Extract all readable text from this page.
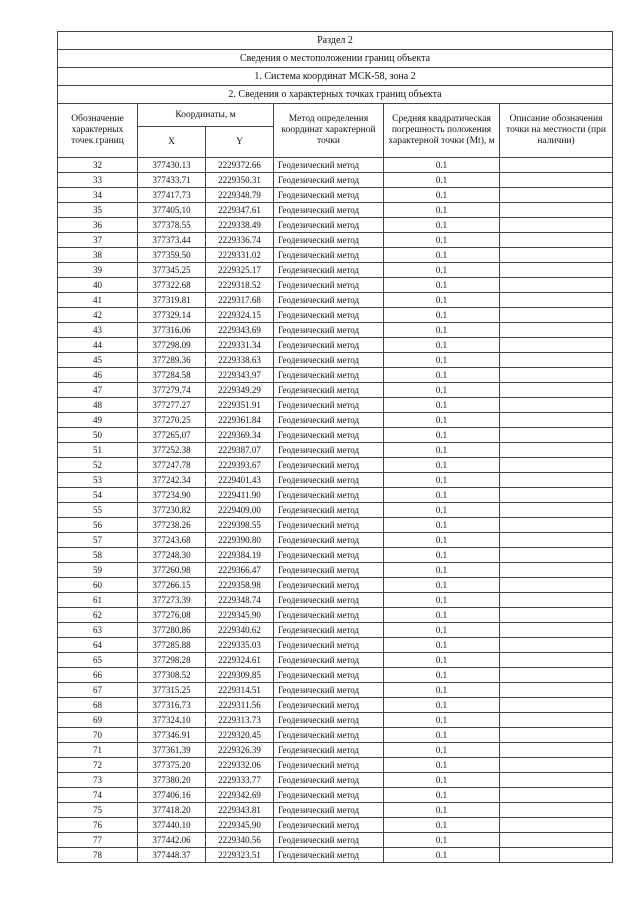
Раздел 2					
Сведения о местоположении границ объекта					
1. Система координат МСК-58, зона 2					
2. Сведения о характерных точках границ объекта					
Обозначение характерных точек границ	Координаты, м		Метод определения координат характерной точки	Средняя квадратическая погрешность положения характерной точки (Mt), м	Описание обозначения точки на местности (при наличии)
	X	Y			
32	377430.13	2229372.66	Геодезический метод	0.1	
33	377433.71	2229350.31	Геодезический метод	0.1	
34	377417.73	2229348.79	Геодезический метод	0.1	
35	377405.10	2229347.61	Геодезический метод	0.1	
36	377378.55	2229338.49	Геодезический метод	0.1	
37	377373.44	2229336.74	Геодезический метод	0.1	
38	377359.50	2229331.02	Геодезический метод	0.1	
39	377345.25	2229325.17	Геодезический метод	0.1	
40	377322.68	2229318.52	Геодезический метод	0.1	
41	377319.81	2229317.68	Геодезический метод	0.1	
42	377329.14	2229324.15	Геодезический метод	0.1	
43	377316.06	2229343.69	Геодезический метод	0.1	
44	377298.09	2229331.34	Геодезический метод	0.1	
45	377289.36	2229338.63	Геодезический метод	0.1	
46	377284.58	2229343.97	Геодезический метод	0.1	
47	377279.74	2229349.29	Геодезический метод	0.1	
48	377277.27	2229351.91	Геодезический метод	0.1	
49	377270.25	2229361.84	Геодезический метод	0.1	
50	377265.07	2229369.34	Геодезический метод	0.1	
51	377252.38	2229387.07	Геодезический метод	0.1	
52	377247.78	2229393.67	Геодезический метод	0.1	
53	377242.34	2229401.43	Геодезический метод	0.1	
54	377234.90	2229411.90	Геодезический метод	0.1	
55	377230.82	2229409.00	Геодезический метод	0.1	
56	377238.26	2229398.55	Геодезический метод	0.1	
57	377243.68	2229390.80	Геодезический метод	0.1	
58	377248.30	2229384.19	Геодезический метод	0.1	
59	377260.98	2229366.47	Геодезический метод	0.1	
60	377266.15	2229358.98	Геодезический метод	0.1	
61	377273.39	2229348.74	Геодезический метод	0.1	
62	377276.08	2229345.90	Геодезический метод	0.1	
63	377280.86	2229340.62	Геодезический метод	0.1	
64	377285.88	2229335.03	Геодезический метод	0.1	
65	377298.28	2229324.61	Геодезический метод	0.1	
66	377308.52	2229309.85	Геодезический метод	0.1	
67	377315.25	2229314.51	Геодезический метод	0.1	
68	377316.73	2229311.56	Геодезический метод	0.1	
69	377324.10	2229313.73	Геодезический метод	0.1	
70	377346.91	2229320.45	Геодезический метод	0.1	
71	377361.39	2229326.39	Геодезический метод	0.1	
72	377375.20	2229332.06	Геодезический метод	0.1	
73	377380.20	2229333.77	Геодезический метод	0.1	
74	377406.16	2229342.69	Геодезический метод	0.1	
75	377418.20	2229343.81	Геодезический метод	0.1	
76	377440.10	2229345.90	Геодезический метод	0.1	
77	377442.06	2229340.56	Геодезический метод	0.1	
78	377448.37	2229323.51	Геодезический метод	0.1	
